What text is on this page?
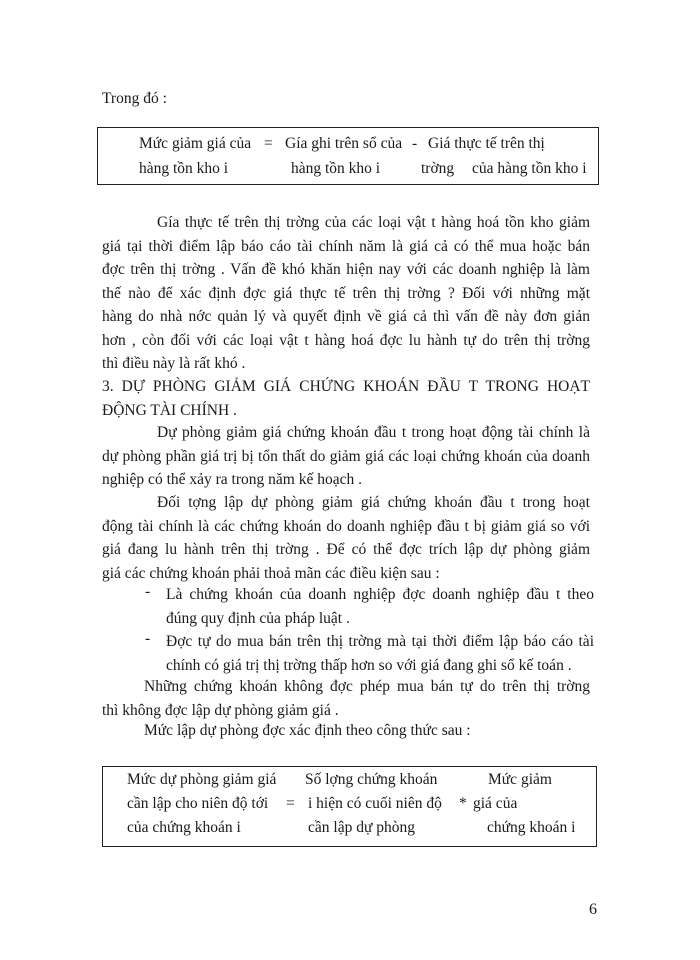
Trong đó :
Mức giảm giá của = Gía ghi trên sổ của - Giá thực tế trên thị
hàng tồn kho i	hàng tồn kho i	trờng của hàng tồn kho i

Gía thực tế trên thị trờng của các loại vật t hàng hoá tồn kho giảm

giá tại thời điểm lập báo cáo tài chính năm là giá cả có thể mua hoặc bán

đợc trên thị trờng . Vấn đề khó khăn hiện nay với các doanh nghiệp là làm

thế nào để xác định đợc giá thực tế trên thị trờng ? Đối với những mặt

hàng do nhà nớc quản lý và quyết định về giá cả thì vấn đề này đơn giản

hơn , còn đối với các loại vật t hàng hoá đợc lu hành tự do trên thị trờng

thì điều này là rất khó .

3. DỰ PHÒNG GIẢM GIÁ CHỨNG KHOÁN ĐẦU T TRONG HOẠT

ĐỘNG TÀI CHÍNH .

Dự phòng giảm giá chứng khoán đầu t trong hoạt động tài chính là

dự phòng phần giá trị bị tổn thất do giảm giá các loại chứng khoán của doanh

nghiệp có thể xảy ra trong năm kế hoạch .

Đối tợng lập dự phòng giảm giá chứng khoán đầu t trong hoạt

động tài chính là các chứng khoán do doanh nghiệp đầu t bị giảm giá so với

giá đang lu hành trên thị trờng . Để có thể đợc trích lập dự phòng giảm

giá các chứng khoán phải thoả mãn các điều kiện sau :

- Là chứng khoán của doanh nghiệp đợc doanh nghiệp đầu t theo

đúng quy định của pháp luật .

- Đợc tự do mua bán trên thị trờng mà tại thời điểm lập báo cáo tài

chính có giá trị thị trờng thấp hơn so với giá đang ghi sổ kế toán .

Những chứng khoán không đợc phép mua bán tự do trên thị trờng

thì không đợc lập dự phòng giảm giá .

Mức lập dự phòng đợc xác định theo công thức sau :
Mức dự phòng giảm giá
cần lập cho niên độ tới
của chứng khoán i
=
Số lợng chứng khoán
i hiện có cuối niên độ
cần lập dự phòng
*
Mức giảm
giá của
chứng khoán i
6
